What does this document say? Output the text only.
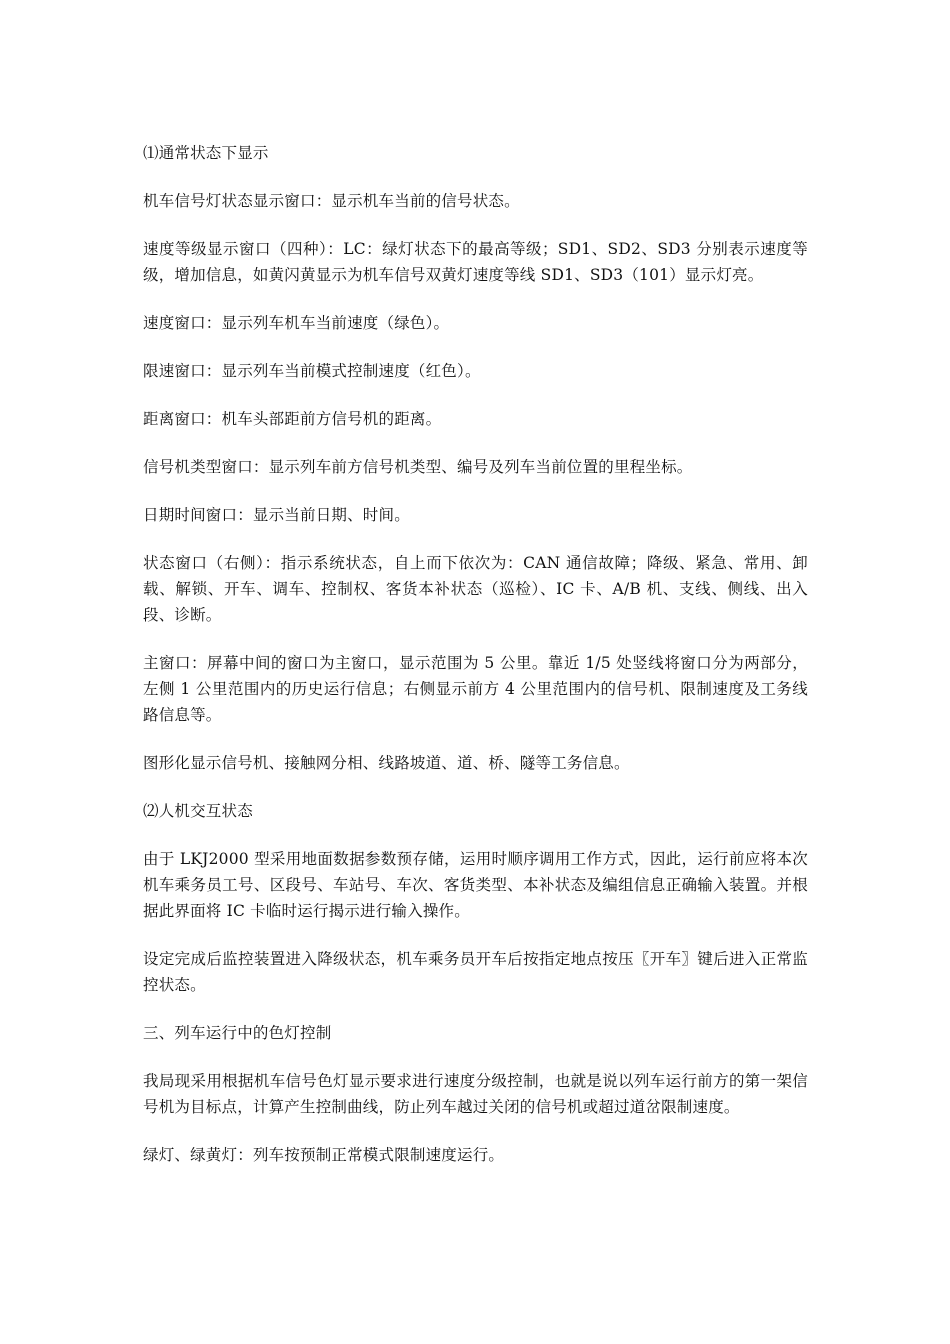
⑴通常状态下显示

机车信号灯状态显示窗口：显示机车当前的信号状态。

速度等级显示窗口（四种）：LC：绿灯状态下的最高等级；SD1、SD2、SD3 分别表示速度等级，增加信息，如黄闪黄显示为机车信号双黄灯速度等线 SD1、SD3（101）显示灯亮。

速度窗口：显示列车机车当前速度（绿色）。

限速窗口：显示列车当前模式控制速度（红色）。

距离窗口：机车头部距前方信号机的距离。

信号机类型窗口：显示列车前方信号机类型、编号及列车当前位置的里程坐标。

日期时间窗口：显示当前日期、时间。

状态窗口（右侧）：指示系统状态，自上而下依次为：CAN 通信故障；降级、紧急、常用、卸载、解锁、开车、调车、控制权、客货本补状态（巡检）、IC 卡、A/B 机、支线、侧线、出入段、诊断。

主窗口：屏幕中间的窗口为主窗口，显示范围为 5 公里。靠近 1/5 处竖线将窗口分为两部分，左侧 1 公里范围内的历史运行信息；右侧显示前方 4 公里范围内的信号机、限制速度及工务线路信息等。

图形化显示信号机、接触网分相、线路坡道、道、桥、隧等工务信息。

⑵人机交互状态

由于 LKJ2000 型采用地面数据参数预存储，运用时顺序调用工作方式，因此，运行前应将本次机车乘务员工号、区段号、车站号、车次、客货类型、本补状态及编组信息正确输入装置。并根据此界面将 IC 卡临时运行揭示进行输入操作。

设定完成后监控装置进入降级状态，机车乘务员开车后按指定地点按压〖开车〗键后进入正常监控状态。

三、列车运行中的色灯控制

我局现采用根据机车信号色灯显示要求进行速度分级控制，也就是说以列车运行前方的第一架信号机为目标点，计算产生控制曲线，防止列车越过关闭的信号机或超过道岔限制速度。

绿灯、绿黄灯：列车按预制正常模式限制速度运行。
